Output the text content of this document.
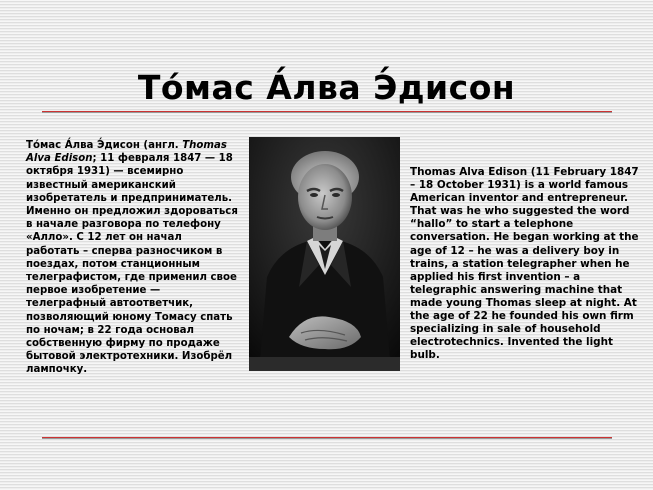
То́мас А́лва Э́дисон
То́мас А́лва Э́дисон (англ. Thomas Alva Edison; 11 февраля 1847 — 18 октября 1931) — всемирно известный американский изобретатель и предприниматель. Именно он предложил здороваться в начале разговора по телефону «Алло». С 12 лет он начал работать – сперва разносчиком в поездах, потом станционным телеграфистом, где применил свое первое изобретение — телеграфный автоответчик, позволяющий юному Томасу спать по ночам; в 22 года основал собственную фирму по продаже бытовой электротехники. Изобрёл лампочку.
Thomas Alva Edison (11 February 1847 – 18 October 1931) is a world famous American inventor and entrepreneur. That was he who suggested the word “hallo” to start a telephone conversation. He began working at the age of 12 – he was a delivery boy in trains, a station telegrapher when he applied his first invention – a telegraphic answering machine that made young Thomas sleep at night. At the age of 22 he founded his own firm specializing in sale of household electrotechnics. Invented the light bulb.
